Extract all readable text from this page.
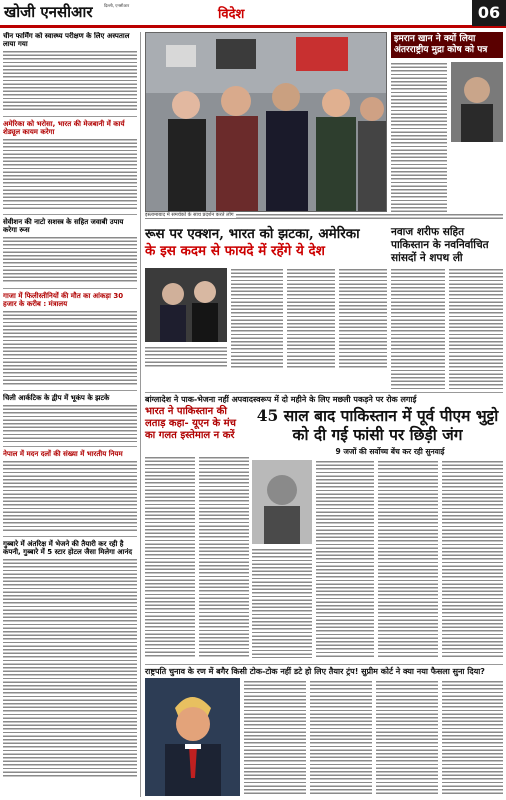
खोजी एनसीआर	दिल्ली, एनसीआर
विदेश	06
चीन फार्मिंग को स्वास्थ्य परीक्षण के लिए अस्पताल लाया गया
अमेरिका को भरोसा, भारत की मेजबानी में कार्य शेड्यूल कायम करेगा
सेवीशन की नाटो सशस्त्र के सहित जवाबी उपाय करेगा रूस
गाजा में फिलीस्तीनियों की मौत का आंकड़ा 30 हजार के करीब : मंत्रालय
चिली आर्कटिक के द्वीप में भूकंप के झटके
नेपाल में मदन दलों की संख्या में भारतीय नियम
गुब्बारे में अंतरिक्ष में भेजने की तैयारी कर रही है कंपनी, गुब्बारे में 5 स्टार होटल जैसा मिलेगा आनंद
इमरान खान ने क्यों लिया अंतरराष्ट्रीय मुद्रा कोष को पत्र
इस्लामाबाद में समर्थकों के साथ प्रदर्शन करते लोग
रूस पर एक्शन, भारत को झटका, अमेरिका
के इस कदम से फायदे में रहेंगे ये देश
नवाज शरीफ सहित पाकिस्तान के नवनिर्वाचित सांसदों ने शपथ ली
बांग्लादेश ने पाक-भेजना नहीं अपवादस्वरूप में दो महीने के लिए मछली पकड़ने पर रोक लगाई
भारत ने पाकिस्तान की लताड़ कहा- यूएन के मंच का गलत इस्तेमाल न करें
45 साल बाद पाकिस्तान में पूर्व पीएम भुट्टो
को दी गई फांसी पर छिड़ी जंग
9 जजों की सर्वोच्च बेंच कर रही सुनवाई
राष्ट्रपति चुनाव के रण में बगैर किसी टोक-टोक नहीं डटे हो लिए तैयार ट्रंप! सुप्रीम कोर्ट ने क्या नया फैसला सुना दिया?
